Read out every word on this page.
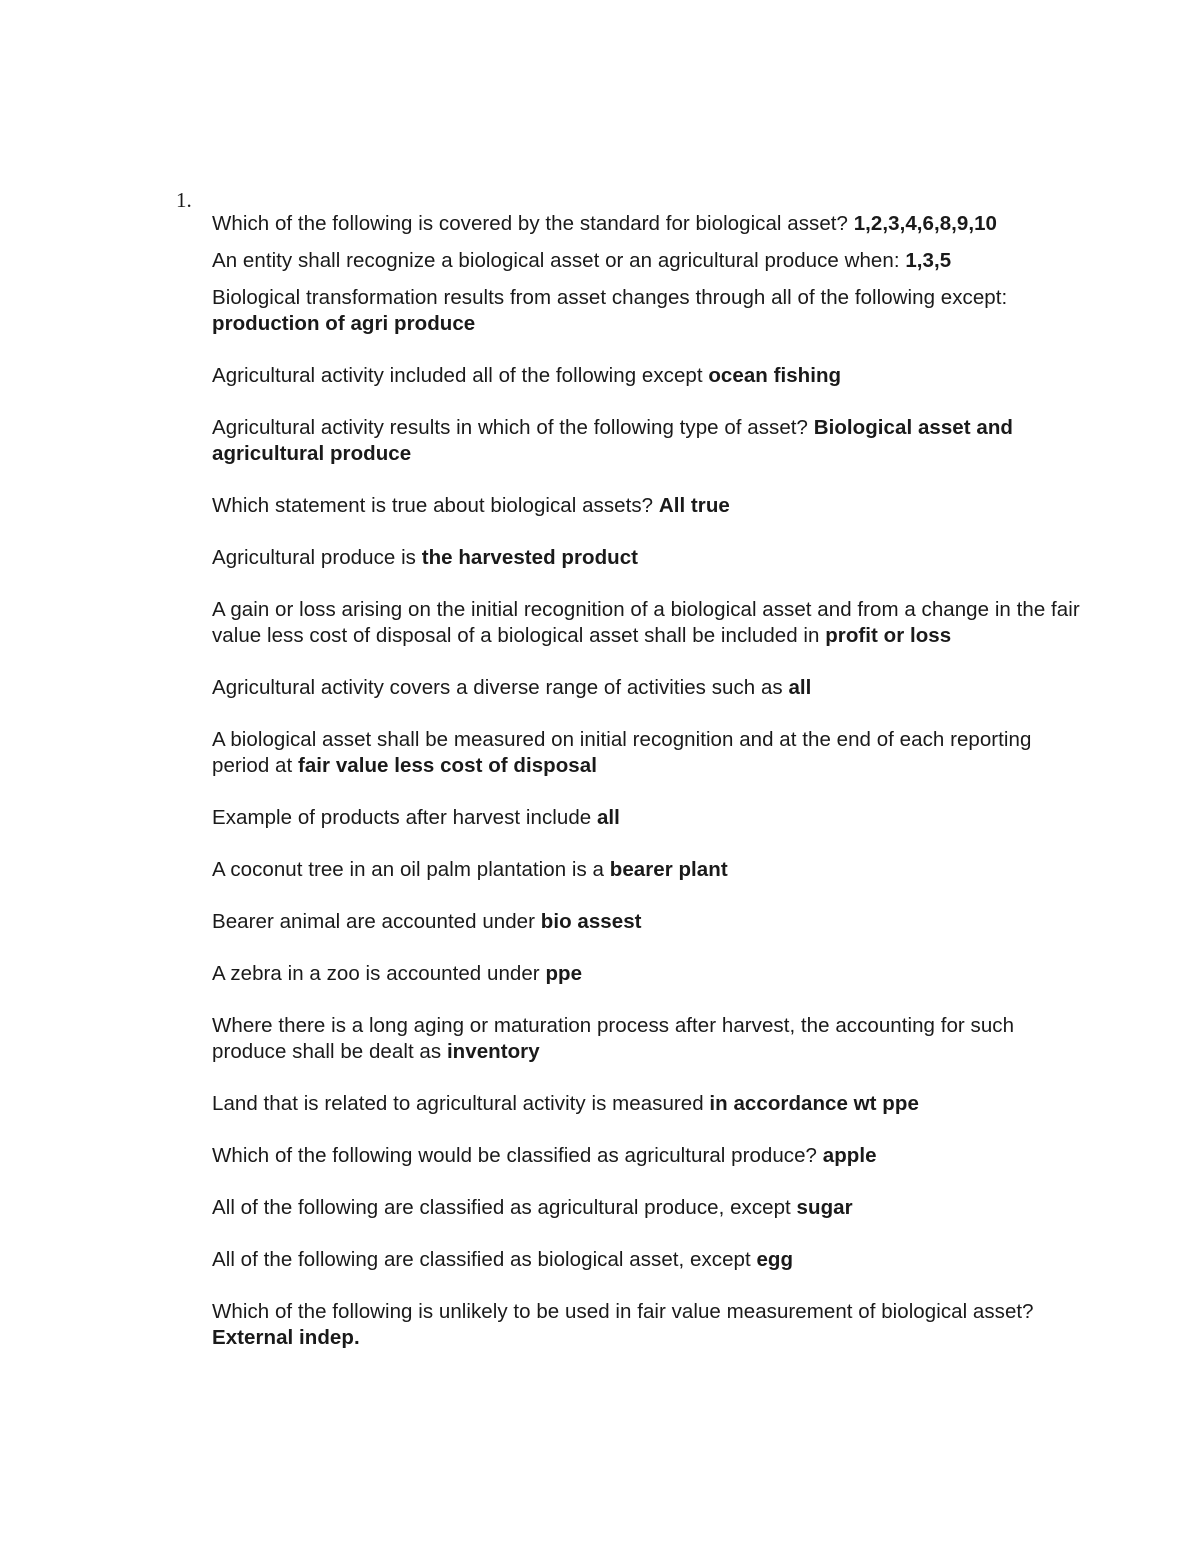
1.
Which of the following is covered by the standard for biological asset? 1,2,3,4,6,8,9,10
An entity shall recognize a biological asset or an agricultural produce when: 1,3,5
Biological transformation results from asset changes through all of the following except: production of agri produce
Agricultural activity included all of the following except ocean fishing
Agricultural activity results in which of the following type of asset? Biological asset and agricultural produce
Which statement is true about biological assets? All true
Agricultural produce is the harvested product
A gain or loss arising on the initial recognition of a biological asset and from a change in the fair value less cost of disposal of a biological asset shall be included in profit or loss
Agricultural activity covers a diverse range of activities such as all
A biological asset shall be measured on initial recognition and at the end of each reporting period at fair value less cost of disposal
Example of products after harvest include all
A coconut tree in an oil palm plantation is a bearer plant
Bearer animal are accounted under bio assest
A zebra in a zoo is accounted under ppe
Where there is a long aging or maturation process after harvest, the accounting for such produce shall be dealt as inventory
Land that is related to agricultural activity is measured in accordance wt ppe
Which of the following would be classified as agricultural produce? apple
All of the following are classified as agricultural produce, except sugar
All of the following are classified as biological asset, except egg
Which of the following is unlikely to be used in fair value measurement of biological asset? External indep.
